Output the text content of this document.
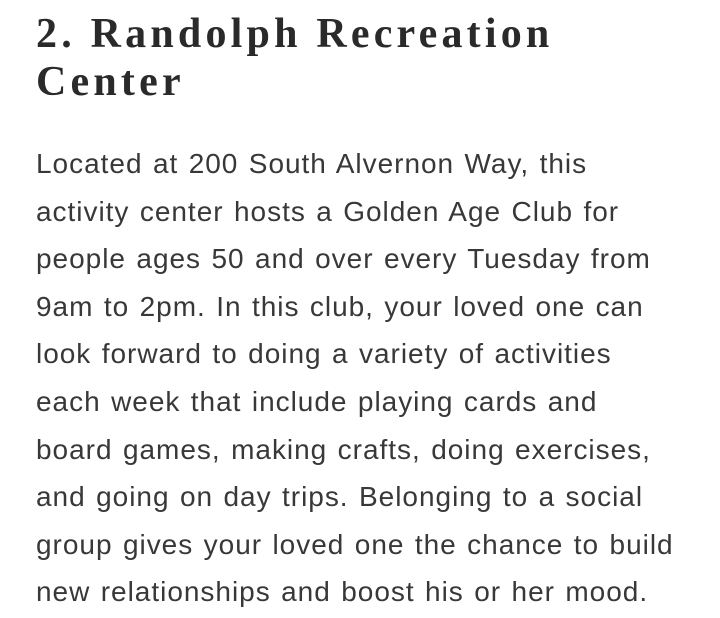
2. Randolph Recreation Center
Located at 200 South Alvernon Way, this
activity center hosts a Golden Age Club for
people ages 50 and over every Tuesday from
9am to 2pm. In this club, your loved one can
look forward to doing a variety of activities
each week that include playing cards and
board games, making crafts, doing exercises,
and going on day trips. Belonging to a social
group gives your loved one the chance to build
new relationships and boost his or her mood.
